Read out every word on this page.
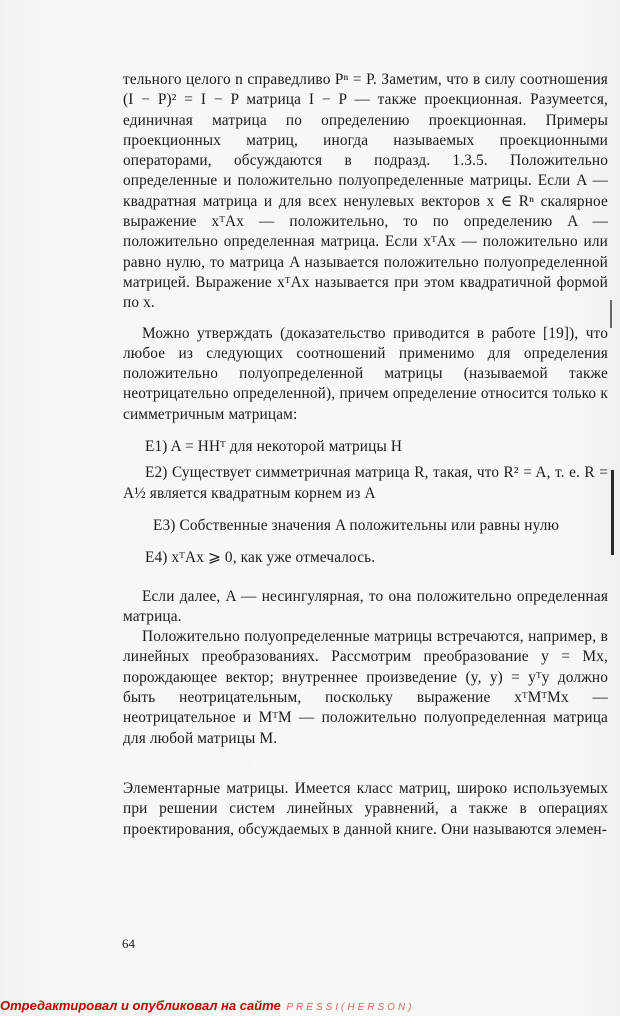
тельного целого n справедливо Pⁿ = P. Заметим, что в силу соотношения (I − P)² = I − P матрица I − P — также проекционная. Разумеется, единичная матрица по определению проекционная. Примеры проекционных матриц, иногда называемых проекционными операторами, обсуждаются в подразд. 1.3.5. Положительно определенные и положительно полуопределенные матрицы. Если A — квадратная матрица и для всех ненулевых векторов x ∈ Rⁿ скалярное выражение xᵀAx — положительно, то по определению A — положительно определенная матрица. Если xᵀAx — положительно или равно нулю, то матрица A называется положительно полуопределенной матрицей. Выражение xᵀAx называется при этом квадратичной формой по x.

Можно утверждать (доказательство приводится в работе [19]), что любое из следующих соотношений применимо для определения положительно полуопределенной матрицы (называемой также неотрицательно определенной), причем определение относится только к симметричным матрицам:

E1) A = HHᵀ для некоторой матрицы H

E2) Существует симметричная матрица R, такая, что R² = A, т. е. R = A½ является квадратным корнем из A

E3) Собственные значения A положительны или равны нулю

E4) xᵀAx ⩾ 0, как уже отмечалось.

Если далее, A — несингулярная, то она положительно определенная матрица.

Положительно полуопределенные матрицы встречаются, например, в линейных преобразованиях. Рассмотрим преобразование y = Mx, порождающее вектор; внутреннее произведение (y, y) = yᵀy должно быть неотрицательным, поскольку выражение xᵀMᵀMx — неотрицательное и MᵀM — положительно полуопределенная матрица для любой матрицы M.

Элементарные матрицы. Имеется класс матриц, широко используемых при решении систем линейных уравнений, а также в операциях проектирования, обсуждаемых в данной книге. Они называются элемен-

64
Отредактировал и опубликовал на сайте PRESSI(HERSON)
